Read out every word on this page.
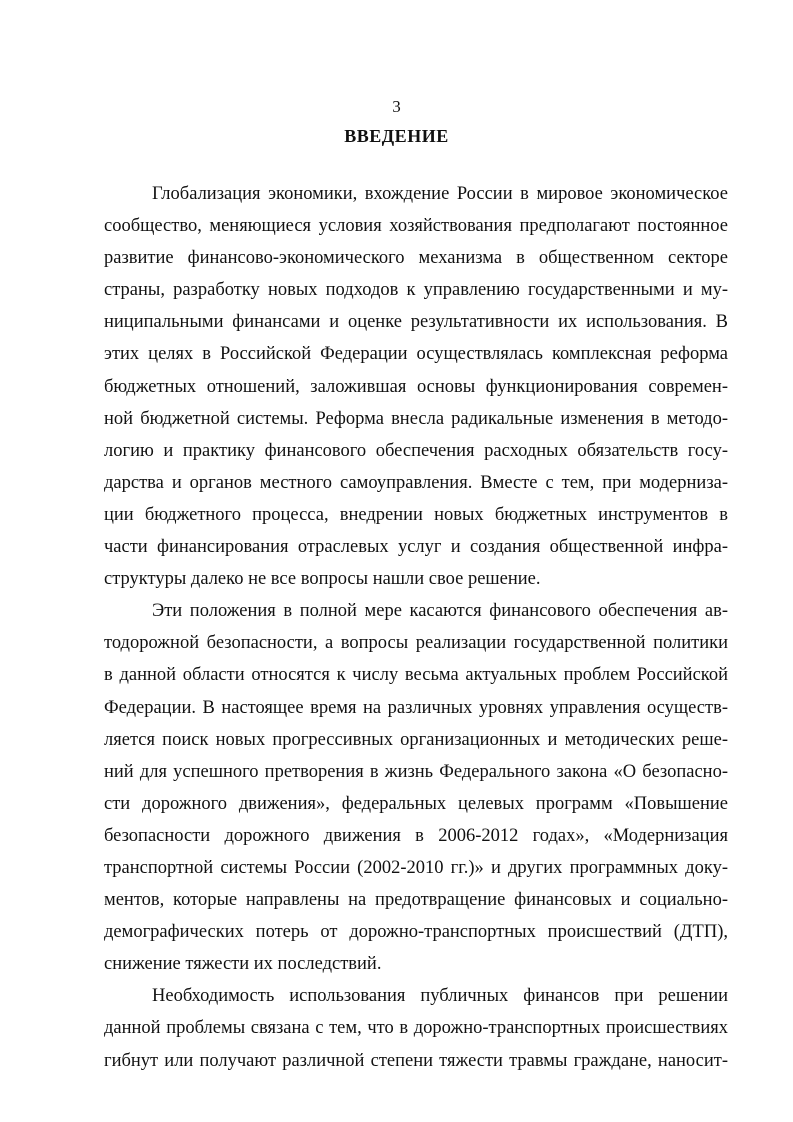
3
ВВЕДЕНИЕ
Глобализация экономики, вхождение России в мировое экономическое
сообщество, меняющиеся условия хозяйствования предполагают постоянное
развитие финансово-экономического механизма в общественном секторе
страны, разработку новых подходов к управлению государственными и му-
ниципальными финансами и оценке результативности их использования. В
этих целях в Российской Федерации осуществлялась комплексная реформа
бюджетных отношений, заложившая основы функционирования современ-
ной бюджетной системы. Реформа внесла радикальные изменения в методо-
логию и практику финансового обеспечения расходных обязательств госу-
дарства и органов местного самоуправления. Вместе с тем, при модерниза-
ции бюджетного процесса, внедрении новых бюджетных инструментов в
части финансирования отраслевых услуг и создания общественной инфра-
структуры далеко не все вопросы нашли свое решение.
Эти положения в полной мере касаются финансового обеспечения ав-
тодорожной безопасности, а вопросы реализации государственной политики
в данной области относятся к числу весьма актуальных проблем Российской
Федерации. В настоящее время на различных уровнях управления осуществ-
ляется поиск новых прогрессивных организационных и методических реше-
ний для успешного претворения в жизнь Федерального закона «О безопасно-
сти дорожного движения», федеральных целевых программ «Повышение
безопасности дорожного движения в 2006-2012 годах», «Модернизация
транспортной системы России (2002-2010 гг.)» и других программных доку-
ментов, которые направлены на предотвращение финансовых и социально-
демографических потерь от дорожно-транспортных происшествий (ДТП),
снижение тяжести их последствий.
Необходимость использования публичных финансов при решении
данной проблемы связана с тем, что в дорожно-транспортных происшествиях
гибнут или получают различной степени тяжести травмы граждане, наносит-
